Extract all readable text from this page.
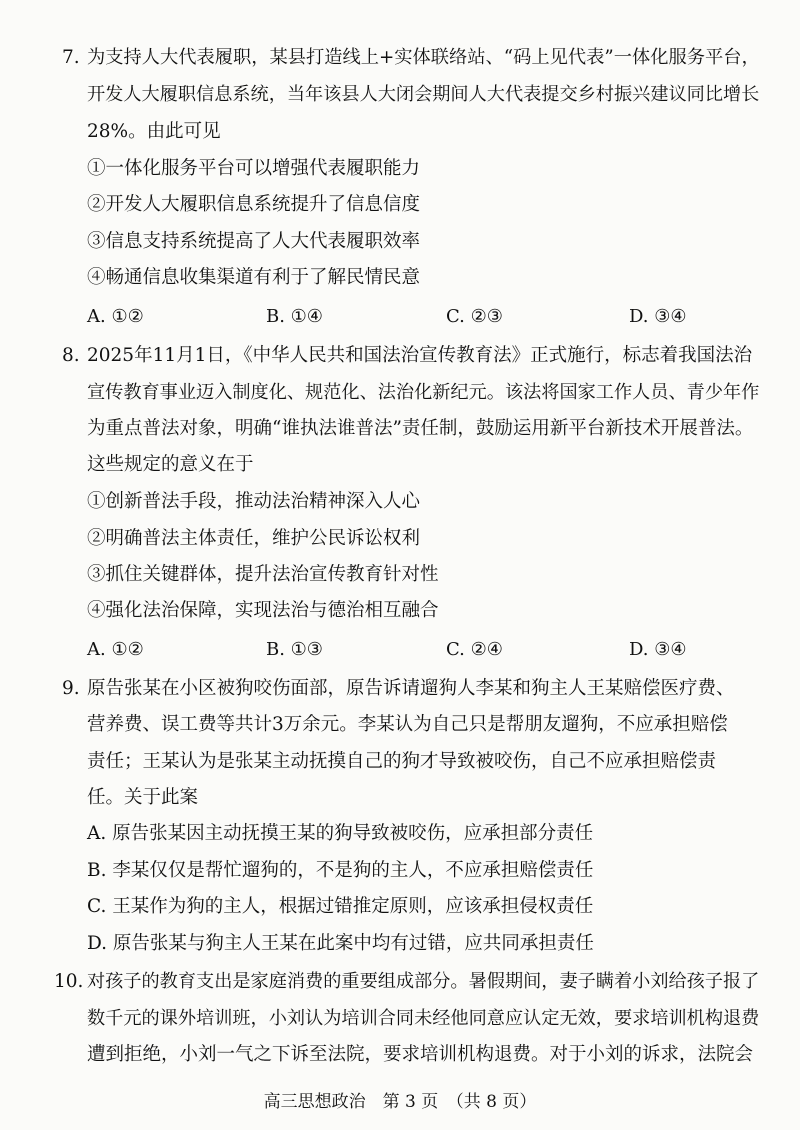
7. 为支持人大代表履职，某县打造线上+实体联络站、“码上见代表”一体化服务平台，
开发人大履职信息系统，当年该县人大闭会期间人大代表提交乡村振兴建议同比增长
28%。由此可见
①一体化服务平台可以增强代表履职能力
②开发人大履职信息系统提升了信息信度
③信息支持系统提高了人大代表履职效率
④畅通信息收集渠道有利于了解民情民意
A. ①②	B. ①④	C. ②③	D. ③④
8. 2025年11月1日，《中华人民共和国法治宣传教育法》正式施行，标志着我国法治
宣传教育事业迈入制度化、规范化、法治化新纪元。该法将国家工作人员、青少年作
为重点普法对象，明确“谁执法谁普法”责任制，鼓励运用新平台新技术开展普法。
这些规定的意义在于
①创新普法手段，推动法治精神深入人心
②明确普法主体责任，维护公民诉讼权利
③抓住关键群体，提升法治宣传教育针对性
④强化法治保障，实现法治与德治相互融合
A. ①②	B. ①③	C. ②④	D. ③④
9. 原告张某在小区被狗咬伤面部，原告诉请遛狗人李某和狗主人王某赔偿医疗费、
营养费、误工费等共计3万余元。李某认为自己只是帮朋友遛狗，不应承担赔偿
责任；王某认为是张某主动抚摸自己的狗才导致被咬伤，自己不应承担赔偿责
任。关于此案
A. 原告张某因主动抚摸王某的狗导致被咬伤，应承担部分责任
B. 李某仅仅是帮忙遛狗的，不是狗的主人，不应承担赔偿责任
C. 王某作为狗的主人，根据过错推定原则，应该承担侵权责任
D. 原告张某与狗主人王某在此案中均有过错，应共同承担责任
10. 对孩子的教育支出是家庭消费的重要组成部分。暑假期间，妻子瞒着小刘给孩子报了
数千元的课外培训班，小刘认为培训合同未经他同意应认定无效，要求培训机构退费
遭到拒绝，小刘一气之下诉至法院，要求培训机构退费。对于小刘的诉求，法院会
高三思想政治　第 3 页　（共 8 页）
